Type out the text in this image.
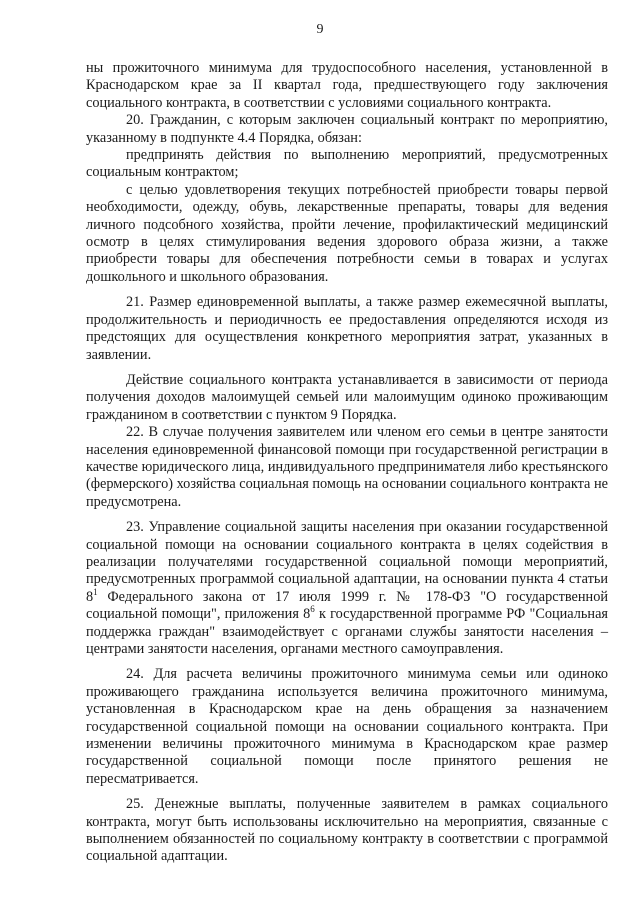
9

ны прожиточного минимума для трудоспособного населения, установленной в Краснодарском крае за II квартал года, предшествующего году заключения социального контракта, в соответствии с условиями социального контракта.

20. Гражданин, с которым заключен социальный контракт по мероприятию, указанному в подпункте 4.4 Порядка, обязан:

предпринять действия по выполнению мероприятий, предусмотренных социальным контрактом;

с целью удовлетворения текущих потребностей приобрести товары первой необходимости, одежду, обувь, лекарственные препараты, товары для ведения личного подсобного хозяйства, пройти лечение, профилактический медицинский осмотр в целях стимулирования ведения здорового образа жизни, а также приобрести товары для обеспечения потребности семьи в товарах и услугах дошкольного и школьного образования.

21. Размер единовременной выплаты, а также размер ежемесячной выплаты, продолжительность и периодичность ее предоставления определяются исходя из предстоящих для осуществления конкретного мероприятия затрат, указанных в заявлении.

Действие социального контракта устанавливается в зависимости от периода получения доходов малоимущей семьей или малоимущим одиноко проживающим гражданином в соответствии с пунктом 9 Порядка.

22. В случае получения заявителем или членом его семьи в центре занятости населения единовременной финансовой помощи при государственной регистрации в качестве юридического лица, индивидуального предпринимателя либо крестьянского (фермерского) хозяйства социальная помощь на основании социального контракта не предусмотрена.

23. Управление социальной защиты населения при оказании государственной социальной помощи на основании социального контракта в целях содействия в реализации получателями государственной социальной помощи мероприятий, предусмотренных программой социальной адаптации, на основании пункта 4 статьи $8^1$ Федерального закона от 17 июля 1999 г. № 178-ФЗ "О государственной социальной помощи", приложения $8^6$ к государственной программе РФ "Социальная поддержка граждан" взаимодействует с органами службы занятости населения – центрами занятости населения, органами местного самоуправления.

24. Для расчета величины прожиточного минимума семьи или одиноко проживающего гражданина используется величина прожиточного минимума, установленная в Краснодарском крае на день обращения за назначением государственной социальной помощи на основании социального контракта. При изменении величины прожиточного минимума в Краснодарском крае размер государственной социальной помощи после принятого решения не пересматривается.

25. Денежные выплаты, полученные заявителем в рамках социального контракта, могут быть использованы исключительно на мероприятия, связанные с выполнением обязанностей по социальному контракту в соответствии с программой социальной адаптации.
